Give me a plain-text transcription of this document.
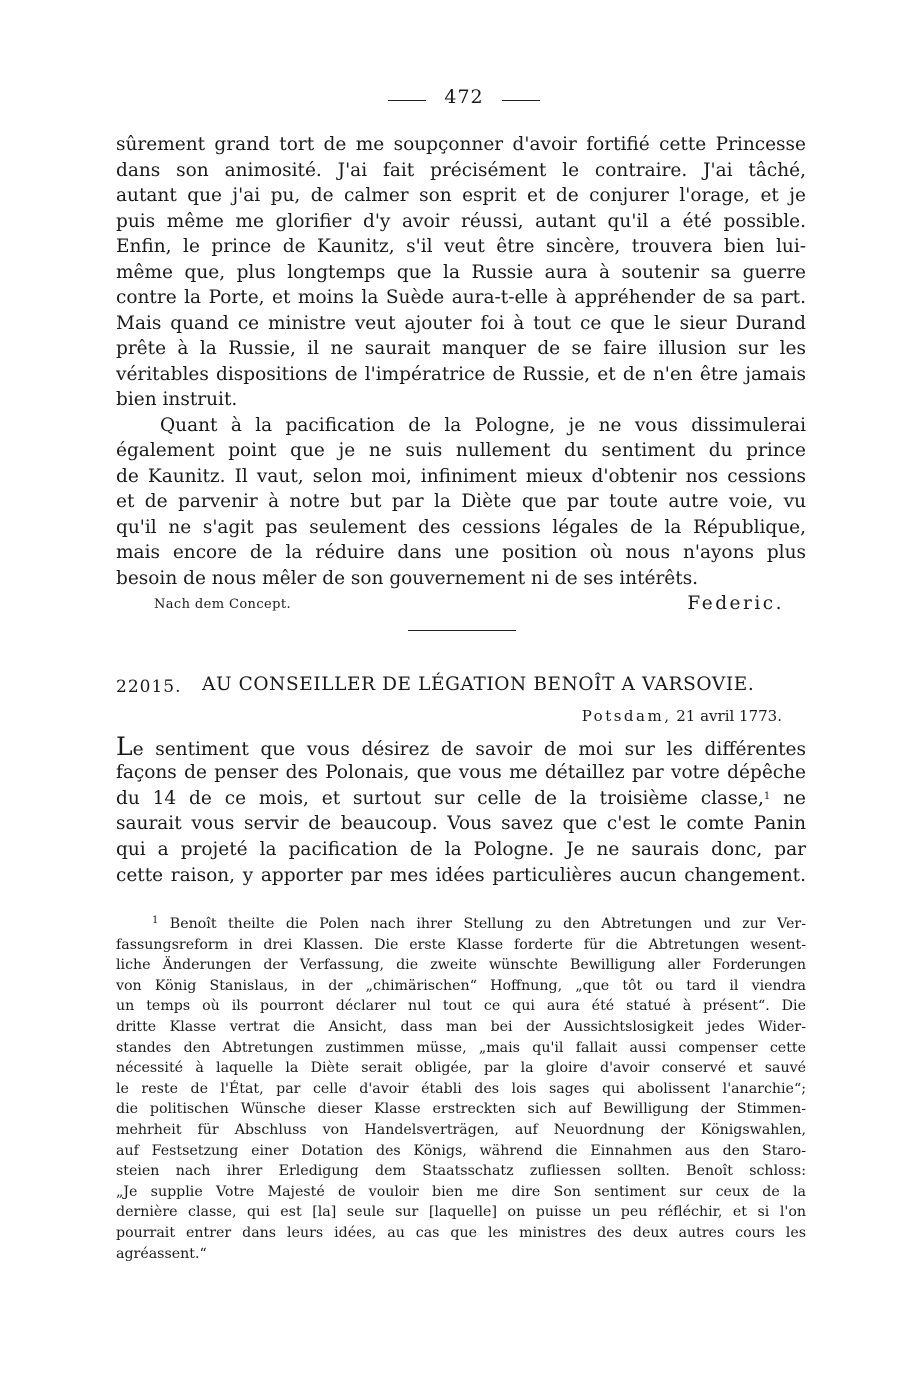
472
sûrement grand tort de me soupçonner d'avoir fortifié cette Princesse
dans son animosité. J'ai fait précisément le contraire. J'ai tâché,
autant que j'ai pu, de calmer son esprit et de conjurer l'orage, et je
puis même me glorifier d'y avoir réussi, autant qu'il a été possible.
Enfin, le prince de Kaunitz, s'il veut être sincère, trouvera bien lui-
même que, plus longtemps que la Russie aura à soutenir sa guerre
contre la Porte, et moins la Suède aura-t-elle à appréhender de sa part.
Mais quand ce ministre veut ajouter foi à tout ce que le sieur Durand
prête à la Russie, il ne saurait manquer de se faire illusion sur les
véritables dispositions de l'impératrice de Russie, et de n'en être jamais
bien instruit.
Quant à la pacification de la Pologne, je ne vous dissimulerai
également point que je ne suis nullement du sentiment du prince
de Kaunitz. Il vaut, selon moi, infiniment mieux d'obtenir nos cessions
et de parvenir à notre but par la Diète que par toute autre voie, vu
qu'il ne s'agit pas seulement des cessions légales de la République,
mais encore de la réduire dans une position où nous n'ayons plus
besoin de nous mêler de son gouvernement ni de ses intérêts.
Nach dem Concept.	Federic.
22015. AU CONSEILLER DE LÉGATION BENOÎT A VARSOVIE.
Potsdam, 21 avril 1773.
Le sentiment que vous désirez de savoir de moi sur les différentes
façons de penser des Polonais, que vous me détaillez par votre dépêche
du 14 de ce mois, et surtout sur celle de la troisième classe,$^1$ ne
saurait vous servir de beaucoup. Vous savez que c'est le comte Panin
qui a projeté la pacification de la Pologne. Je ne saurais donc, par
cette raison, y apporter par mes idées particulières aucun changement.
$^1$ Benoît theilte die Polen nach ihrer Stellung zu den Abtretungen und zur Ver-
fassungsreform in drei Klassen. Die erste Klasse forderte für die Abtretungen wesent-
liche Änderungen der Verfassung, die zweite wünschte Bewilligung aller Forderungen
von König Stanislaus, in der „chimärischen“ Hoffnung, „que tôt ou tard il viendra
un temps où ils pourront déclarer nul tout ce qui aura été statué à présent“. Die
dritte Klasse vertrat die Ansicht, dass man bei der Aussichtslosigkeit jedes Wider-
standes den Abtretungen zustimmen müsse, „mais qu'il fallait aussi compenser cette
nécessité à laquelle la Diète serait obligée, par la gloire d'avoir conservé et sauvé
le reste de l'État, par celle d'avoir établi des lois sages qui abolissent l'anarchie“;
die politischen Wünsche dieser Klasse erstreckten sich auf Bewilligung der Stimmen-
mehrheit für Abschluss von Handelsverträgen, auf Neuordnung der Königswahlen,
auf Festsetzung einer Dotation des Königs, während die Einnahmen aus den Staro-
steien nach ihrer Erledigung dem Staatsschatz zufliessen sollten. Benoît schloss:
„Je supplie Votre Majesté de vouloir bien me dire Son sentiment sur ceux de la
dernière classe, qui est [la] seule sur [laquelle] on puisse un peu réfléchir, et si l'on
pourrait entrer dans leurs idées, au cas que les ministres des deux autres cours les
agréassent.“
